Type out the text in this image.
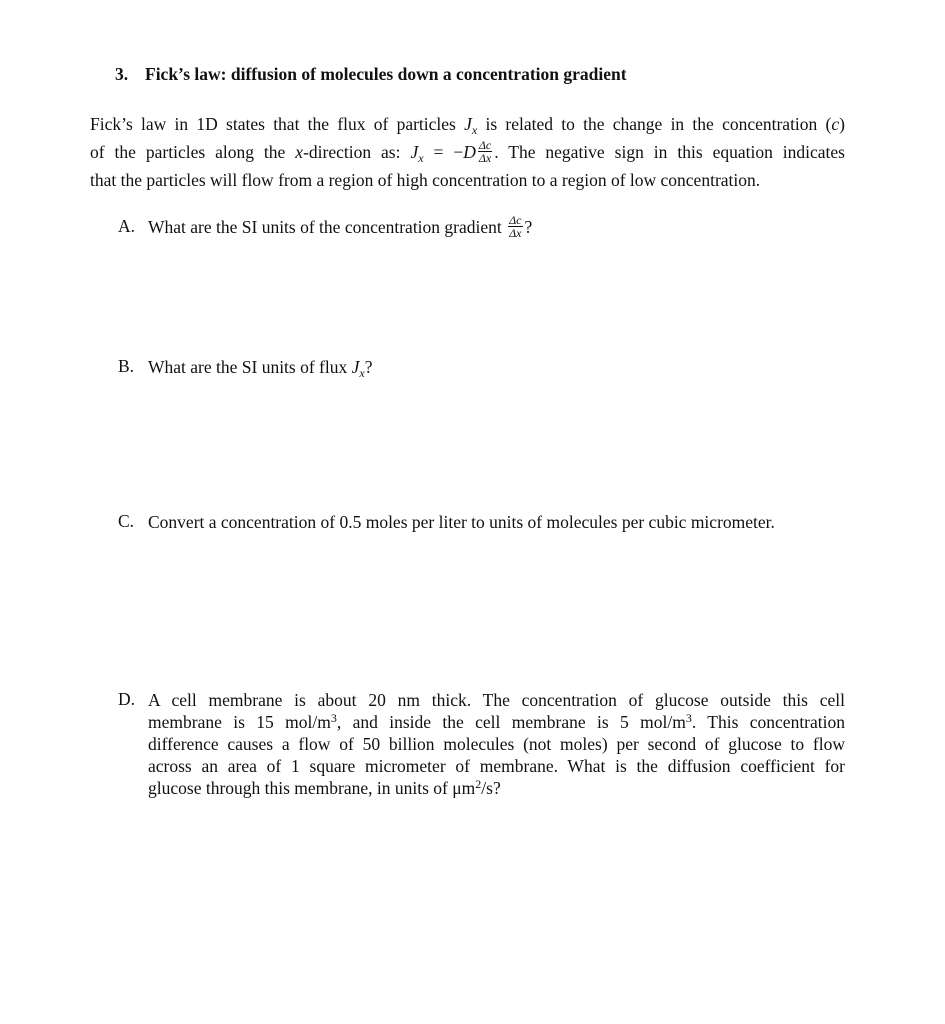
3. Fick’s law: diffusion of molecules down a concentration gradient
Fick’s law in 1D states that the flux of particles $J_x$ is related to the change in the concentration (c)
of the particles along the x-direction as: $J_x = -D \frac{\Delta c}{\Delta x}$ . The negative sign in this equation indicates
that the particles will flow from a region of high concentration to a region of low concentration.
A. What are the SI units of the concentration gradient $\frac{\Delta c}{\Delta x}$ ?
B. What are the SI units of flux $J_x$?
C. Convert a concentration of 0.5 moles per liter to units of molecules per cubic micrometer.
D. A cell membrane is about 20 nm thick. The concentration of glucose outside this cell
membrane is 15 mol/$m^3$, and inside the cell membrane is 5 mol/$m^3$. This concentration
difference causes a flow of 50 billion molecules (not moles) per second of glucose to flow
across an area of 1 square micrometer of membrane. What is the diffusion coefficient for
glucose through this membrane, in units of $\mu m^2/s$?
